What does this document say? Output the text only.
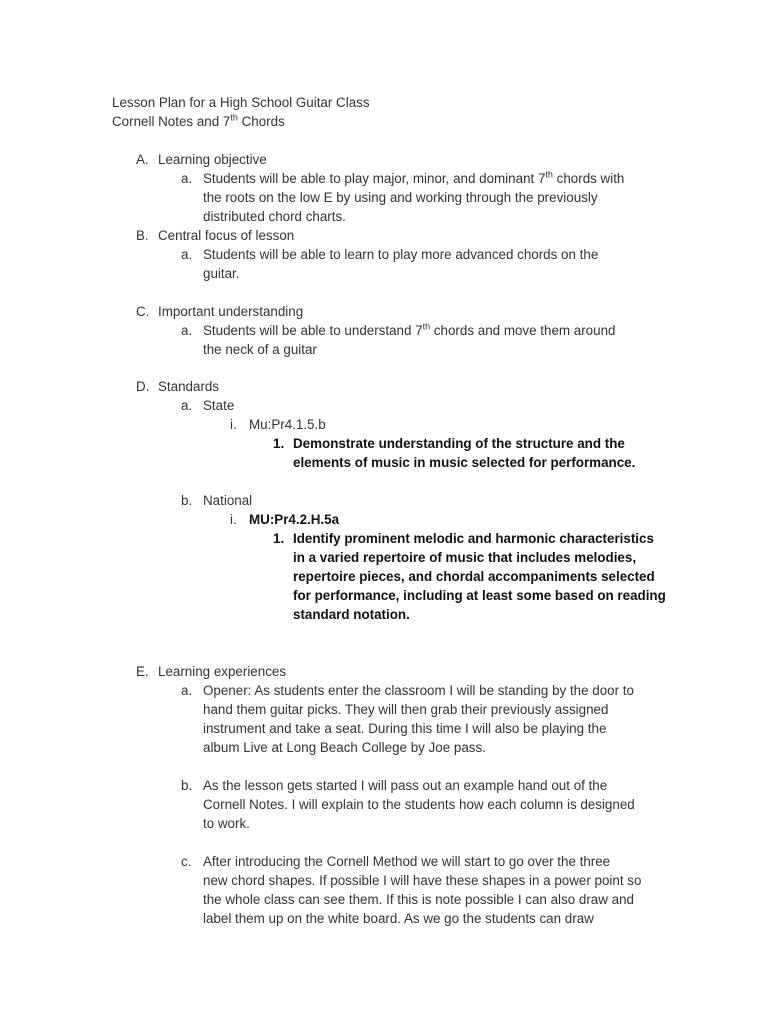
Lesson Plan for a High School Guitar Class
Cornell Notes and 7th Chords
A. Learning objective
a. Students will be able to play major, minor, and dominant 7th chords with
the roots on the low E by using and working through the previously
distributed chord charts.
B. Central focus of lesson
a. Students will be able to learn to play more advanced chords on the
guitar.
C. Important understanding
a. Students will be able to understand 7th chords and move them around
the neck of a guitar
D. Standards
a. State
i. Mu:Pr4.1.5.b
1. Demonstrate understanding of the structure and the
elements of music in music selected for performance.
b. National
i. MU:Pr4.2.H.5a
1. Identify prominent melodic and harmonic characteristics
in a varied repertoire of music that includes melodies,
repertoire pieces, and chordal accompaniments selected
for performance, including at least some based on reading
standard notation.
E. Learning experiences
a. Opener: As students enter the classroom I will be standing by the door to
hand them guitar picks. They will then grab their previously assigned
instrument and take a seat. During this time I will also be playing the
album Live at Long Beach College by Joe pass.
b. As the lesson gets started I will pass out an example hand out of the
Cornell Notes. I will explain to the students how each column is designed
to work.
c. After introducing the Cornell Method we will start to go over the three
new chord shapes. If possible I will have these shapes in a power point so
the whole class can see them. If this is note possible I can also draw and
label them up on the white board. As we go the students can draw
